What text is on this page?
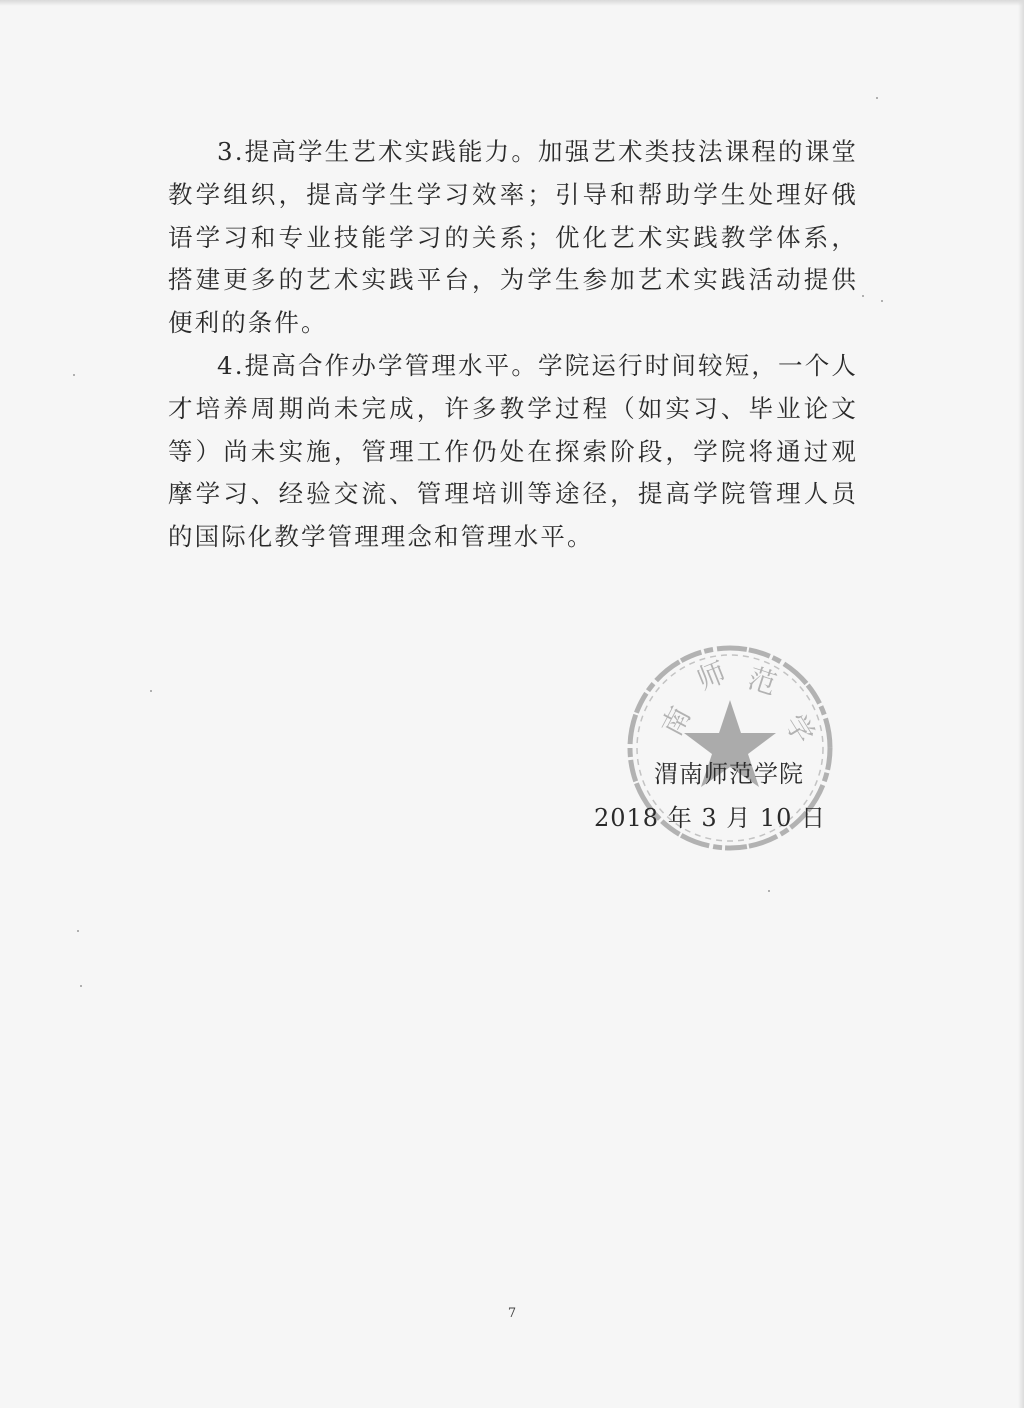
3.提高学生艺术实践能力。加强艺术类技法课程的课堂教学组织，提高学生学习效率；引导和帮助学生处理好俄语学习和专业技能学习的关系；优化艺术实践教学体系，搭建更多的艺术实践平台，为学生参加艺术实践活动提供便利的条件。

4.提高合作办学管理水平。学院运行时间较短，一个人才培养周期尚未完成，许多教学过程（如实习、毕业论文等）尚未实施，管理工作仍处在探索阶段，学院将通过观摩学习、经验交流、管理培训等途径，提高学院管理人员的国际化教学管理理念和管理水平。

南
师 范
学
渭南师范学院
2018 年 3 月 10 日
7
